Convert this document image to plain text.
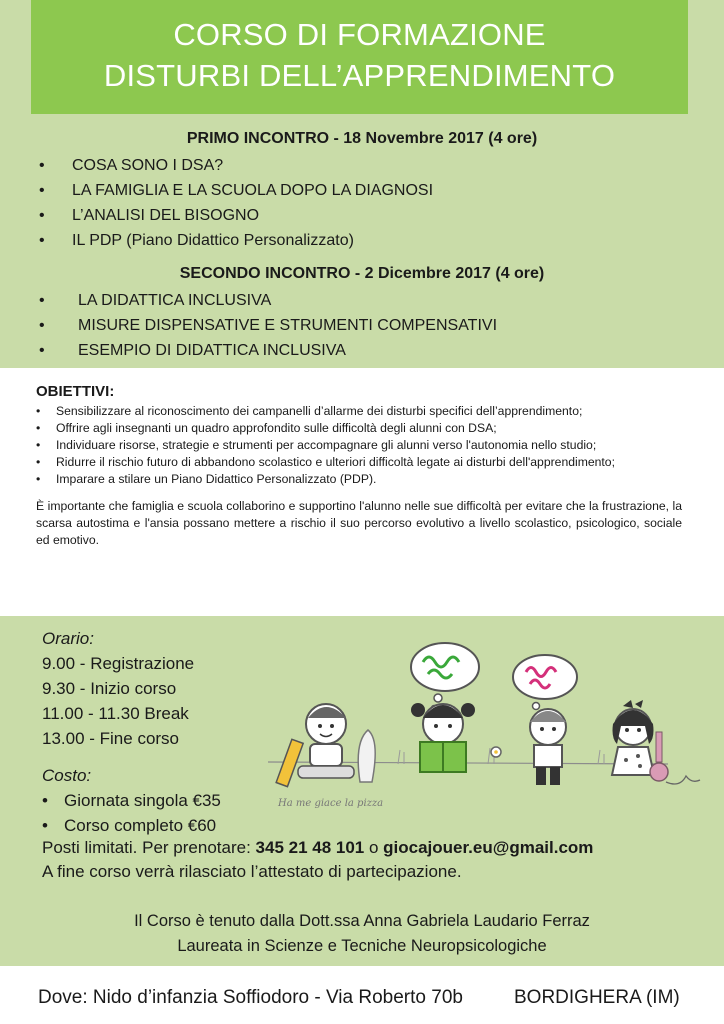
CORSO DI FORMAZIONE
DISTURBI DELL’APPRENDIMENTO
PRIMO INCONTRO - 18 Novembre 2017 (4 ore)
• COSA SONO I DSA?
• LA FAMIGLIA E LA SCUOLA DOPO LA DIAGNOSI
• L’ANALISI DEL BISOGNO
• IL PDP (Piano Didattico Personalizzato)
SECONDO INCONTRO - 2 Dicembre 2017 (4 ore)
• LA DIDATTICA INCLUSIVA
• MISURE DISPENSATIVE E STRUMENTI COMPENSATIVI
• ESEMPIO DI DIDATTICA INCLUSIVA
OBIETTIVI:
• Sensibilizzare al riconoscimento dei campanelli d’allarme dei disturbi specifici dell’apprendimento;
• Offrire agli insegnanti un quadro approfondito sulle difficoltà degli alunni con DSA;
• Individuare risorse, strategie e strumenti per accompagnare gli alunni verso l'autonomia nello studio;
• Ridurre il rischio futuro di abbandono scolastico e ulteriori difficoltà legate ai disturbi dell'apprendimento;
• Imparare a stilare un Piano Didattico Personalizzato (PDP).

È importante che famiglia e scuola collaborino e supportino l'alunno nelle sue difficoltà per evitare che la frustrazione, la scarsa autostima e l'ansia possano mettere a rischio il suo percorso evolutivo a livello scolastico, psicologico, sociale ed emotivo.

Orario:
9.00 - Registrazione
9.30 - Inizio corso
11.00 - 11.30 Break
13.00 - Fine corso
Costo:
• Giornata singola €35
• Corso completo €60
Posti limitati. Per prenotare: 345 21 48 101 o giocajouer.eu@gmail.com
A fine corso verrà rilasciato l’attestato di partecipazione.
Il Corso è tenuto dalla Dott.ssa Anna Gabriela Laudario Ferraz
Laureata in Scienze e Tecniche Neuropsicologiche
Ha me giace la pizza
Dove: Nido d’infanzia Soffiodoro - Via Roberto 70b	BORDIGHERA (IM)
